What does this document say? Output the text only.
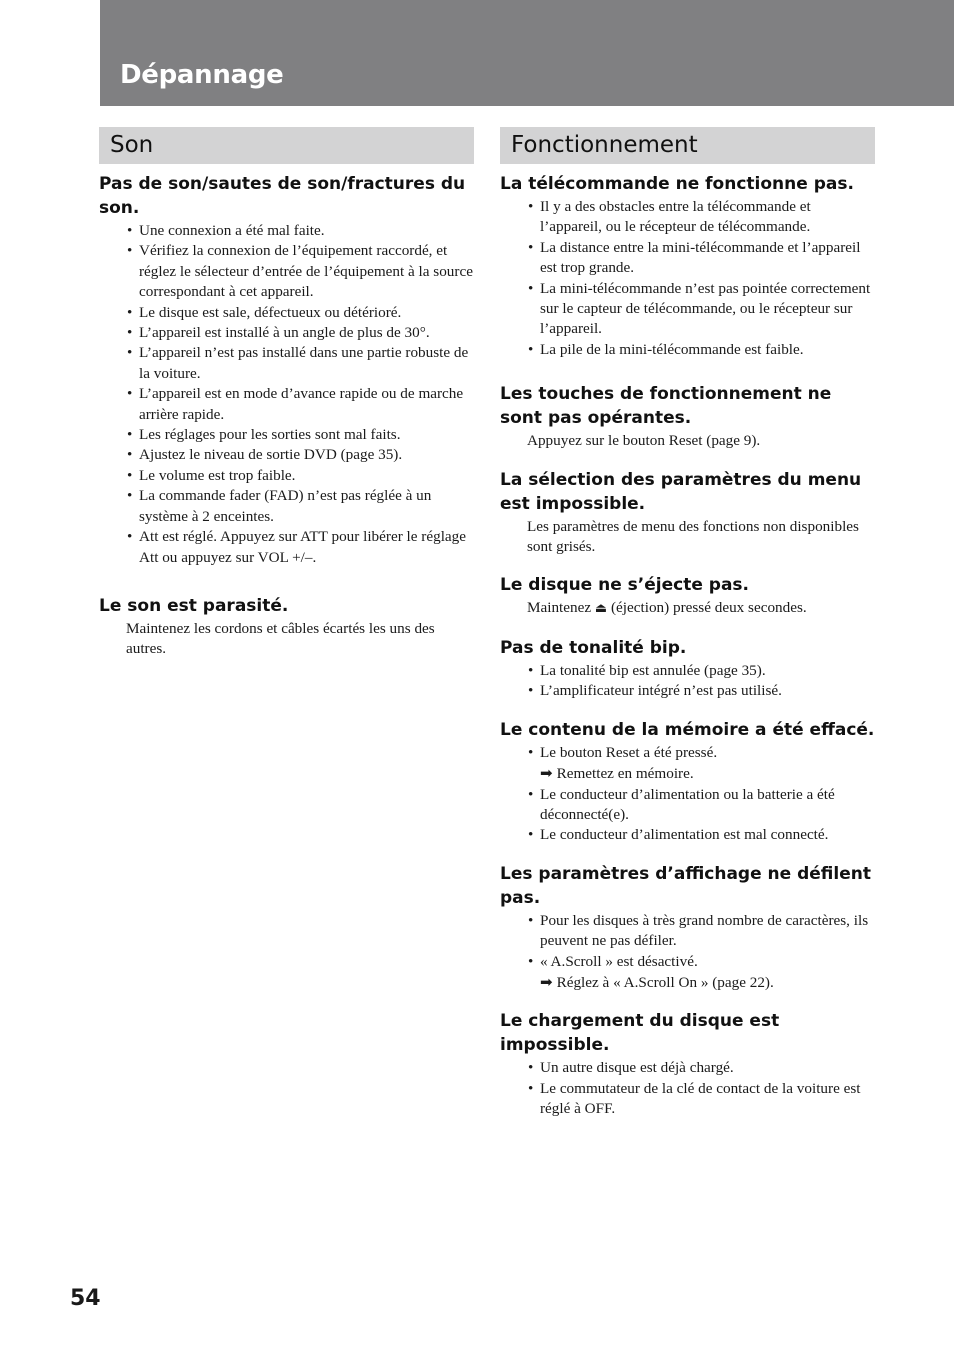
Dépannage
Son
Pas de son/sautes de son/fractures du son.
• Une connexion a été mal faite.
• Vérifiez la connexion de l’équipement raccordé, et réglez le sélecteur d’entrée de l’équipement à la source correspondant à cet appareil.
• Le disque est sale, défectueux ou détérioré.
• L’appareil est installé à un angle de plus de 30°.
• L’appareil n’est pas installé dans une partie robuste de la voiture.
• L’appareil est en mode d’avance rapide ou de marche arrière rapide.
• Les réglages pour les sorties sont mal faits.
• Ajustez le niveau de sortie DVD (page 35).
• Le volume est trop faible.
• La commande fader (FAD) n’est pas réglée à un système à 2 enceintes.
• Att est réglé. Appuyez sur ATT pour libérer le réglage Att ou appuyez sur VOL +/–.
Le son est parasité.

Maintenez les cordons et câbles écartés les uns des autres.

Fonctionnement
La télécommande ne fonctionne pas.
• Il y a des obstacles entre la télécommande et l’appareil, ou le récepteur de télécommande.
• La distance entre la mini-télécommande et l’appareil est trop grande.
• La mini-télécommande n’est pas pointée correctement sur le capteur de télécommande, ou le récepteur sur l’appareil.
• La pile de la mini-télécommande est faible.
Les touches de fonctionnement ne sont pas opérantes.

Appuyez sur le bouton Reset (page 9).

La sélection des paramètres du menu est impossible.

Les paramètres de menu des fonctions non disponibles sont grisés.

Le disque ne s’éjecte pas.

Maintenez ⏏ (éjection) pressé deux secondes.

Pas de tonalité bip.
• La tonalité bip est annulée (page 35).
• L’amplificateur intégré n’est pas utilisé.
Le contenu de la mémoire a été effacé.
• Le bouton Reset a été pressé.
➡ Remettez en mémoire.
• Le conducteur d’alimentation ou la batterie a été déconnecté(e).
• Le conducteur d’alimentation est mal connecté.
Les paramètres d’affichage ne défilent pas.
• Pour les disques à très grand nombre de caractères, ils peuvent ne pas défiler.
• « A.Scroll » est désactivé.
➡ Réglez à « A.Scroll On » (page 22).
Le chargement du disque est impossible.
• Un autre disque est déjà chargé.
• Le commutateur de la clé de contact de la voiture est réglé à OFF.
54
